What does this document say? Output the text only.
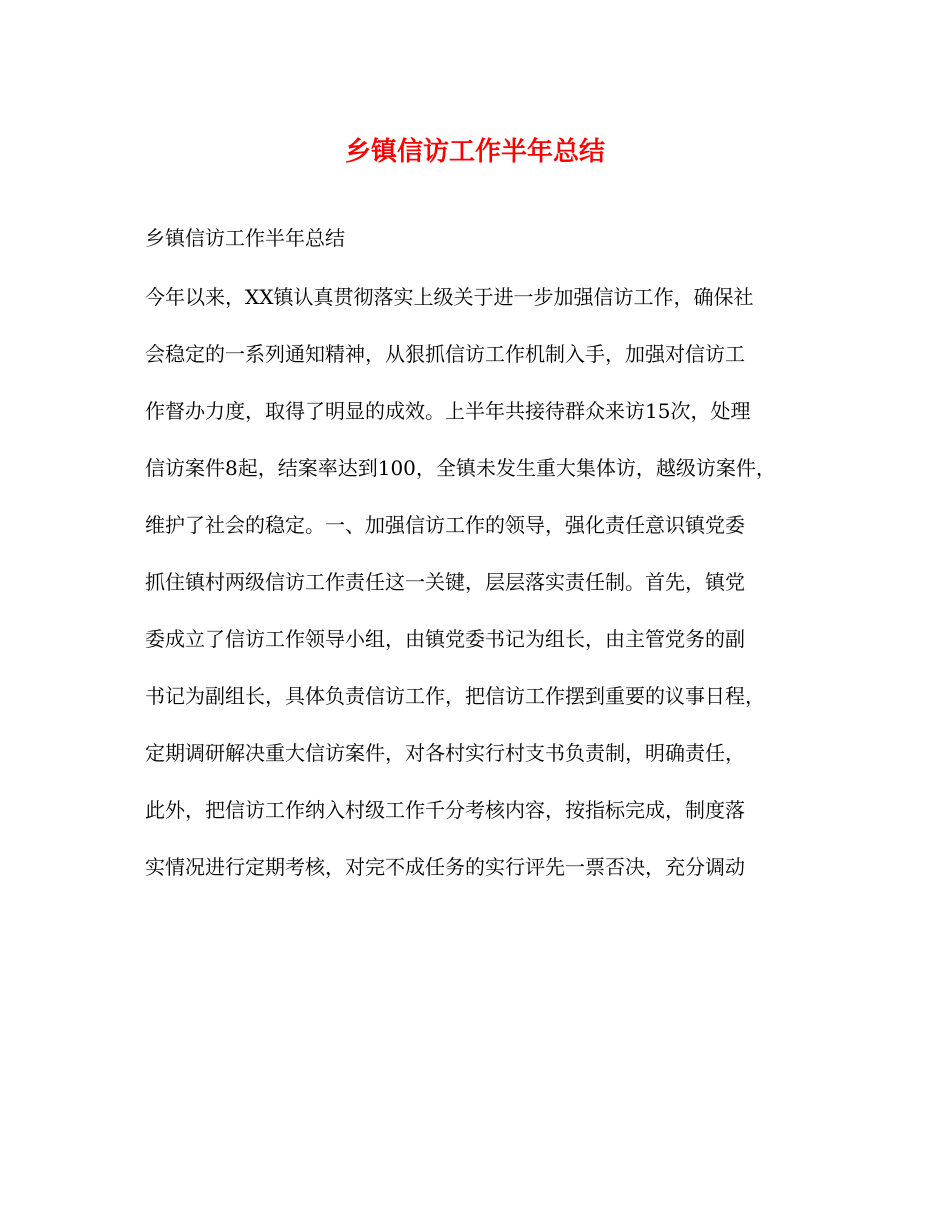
乡镇信访工作半年总结
乡镇信访工作半年总结
今年以来，XX镇认真贯彻落实上级关于进一步加强信访工作，确保社
会稳定的一系列通知精神，从狠抓信访工作机制入手，加强对信访工
作督办力度，取得了明显的成效。上半年共接待群众来访15次，处理
信访案件8起，结案率达到100，全镇未发生重大集体访，越级访案件，
维护了社会的稳定。一、加强信访工作的领导，强化责任意识镇党委
抓住镇村两级信访工作责任这一关键，层层落实责任制。首先，镇党
委成立了信访工作领导小组，由镇党委书记为组长，由主管党务的副
书记为副组长，具体负责信访工作，把信访工作摆到重要的议事日程，
定期调研解决重大信访案件，对各村实行村支书负责制，明确责任，
此外，把信访工作纳入村级工作千分考核内容，按指标完成，制度落
实情况进行定期考核，对完不成任务的实行评先一票否决，充分调动
